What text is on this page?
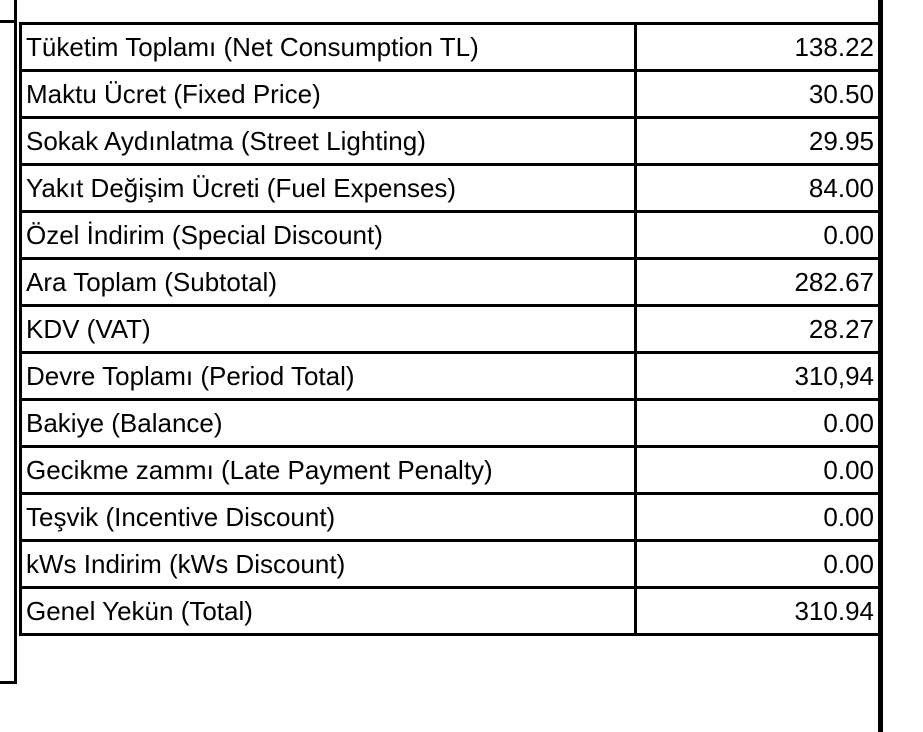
Tüketim Toplamı (Net Consumption TL)	138.22
Maktu Ücret (Fixed Price)	30.50
Sokak Aydınlatma (Street Lighting)	29.95
Yakıt Değişim Ücreti (Fuel Expenses)	84.00
Özel İndirim (Special Discount)	0.00
Ara Toplam (Subtotal)	282.67
KDV (VAT)	28.27
Devre Toplamı (Period Total)	310,94
Bakiye (Balance)	0.00
Gecikme zammı (Late Payment Penalty)	0.00
Teşvik (Incentive Discount)	0.00
kWs Indirim (kWs Discount)	0.00
Genel Yekün (Total)	310.94
